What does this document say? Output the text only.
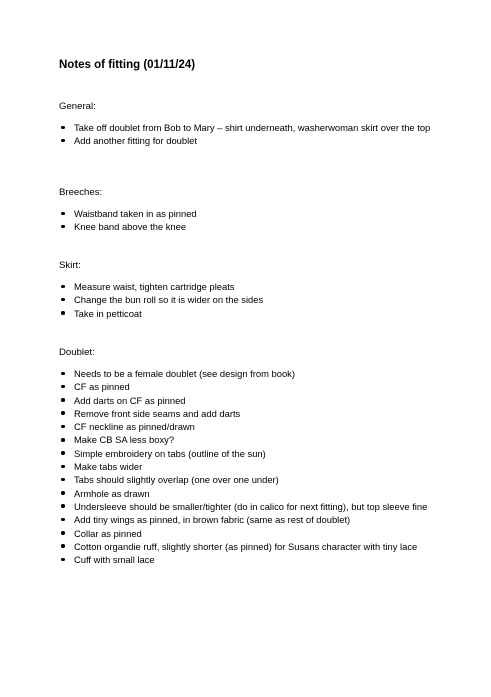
Notes of fitting (01/11/24)
General:
Take off doublet from Bob to Mary – shirt underneath, washerwoman skirt over the top
Add another fitting for doublet
Breeches:
Waistband taken in as pinned
Knee band above the knee
Skirt:
Measure waist, tighten cartridge pleats
Change the bun roll so it is wider on the sides
Take in petticoat
Doublet:
Needs to be a female doublet (see design from book)
CF as pinned
Add darts on CF as pinned
Remove front side seams and add darts
CF neckline as pinned/drawn
Make CB SA less boxy?
Simple embroidery on tabs (outline of the sun)
Make tabs wider
Tabs should slightly overlap (one over one under)
Armhole as drawn
Undersleeve should be smaller/tighter (do in calico for next fitting), but top sleeve fine
Add tiny wings as pinned, in brown fabric (same as rest of doublet)
Collar as pinned
Cotton organdie ruff, slightly shorter (as pinned) for Susans character with tiny lace
Cuff with small lace
